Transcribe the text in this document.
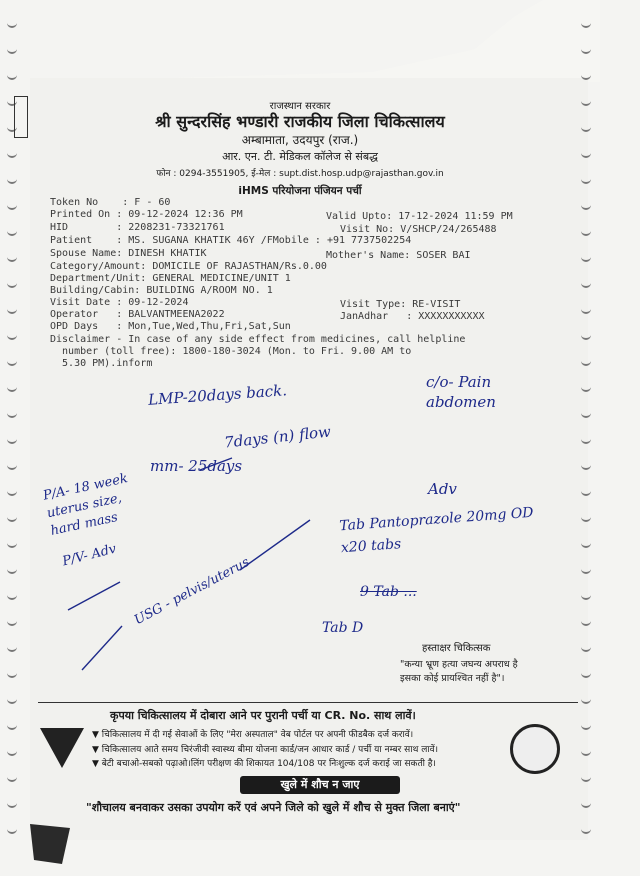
राजस्थान सरकार
श्री सुन्दरसिंह भण्डारी राजकीय जिला चिकित्सालय
अम्बामाता, उदयपुर (राज.)
आर. एन. टी. मेडिकल कॉलेज से संबद्ध
फोन : 0294-3551905, ई-मेल : supt.dist.hosp.udp@rajasthan.gov.in
iHMS परियोजना पंजियन पर्ची
Token No    : F - 60
Printed On : 09-12-2024 12:36 PM	Valid Upto: 17-12-2024 11:59 PM
HID        : 2208231-73321761	Visit No: V/SHCP/24/265488
Patient    : MS. SUGANA KHATIK 46Y /FMobile : +91 7737502254
Spouse Name: DINESH KHATIK	Mother's Name: SOSER BAI
Category/Amount: DOMICILE OF RAJASTHAN/Rs.0.00
Department/Unit: GENERAL MEDICINE/UNIT 1
Building/Cabin: BUILDING A/ROOM NO. 1
Visit Date : 09-12-2024	Visit Type: RE-VISIT
Operator   : BALVANTMEENA2022	JanAdhar   : XXXXXXXXXXX
OPD Days   : Mon,Tue,Wed,Thu,Fri,Sat,Sun
Disclaimer - In case of any side effect from medicines, call helpline
number (toll free): 1800-180-3024 (Mon. to Fri. 9.00 AM to
5.30 PM).inform
LMP-20days back.	c/o- Pain abdomen
7days (n) flow
mm- 25days
P/A- 18 week uterus size, hard mass
Adv
Tab Pantoprazole 20mg OD x20 tabs
P/V- Adv USG - pelvis/uterus	9 Tab ...
Tab D
हस्ताक्षर चिकित्सक
"कन्या भ्रूण हत्या जघन्य अपराध है
इसका कोई प्रायश्चित नहीं है"।
कृपया चिकित्सालय में दोबारा आने पर पुरानी पर्ची या CR. No. साथ लावें।
▼ चिकित्सालय में दी गई सेवाओं के लिए "मेरा अस्पताल" वेब पोर्टल पर अपनी फीडबैक दर्ज करावें।
▼ चिकित्सालय आते समय चिरंजीवी स्वास्थ्य बीमा योजना कार्ड/जन आधार कार्ड / पर्ची या नम्बर साथ लावें।
▼ बेटी बचाओ-सबको पढ़ाओ।लिंग परीक्षण की शिकायत 104/108 पर निःशुल्क दर्ज कराई जा सकती है।
खुले में शौच न जाए
"शौचालय बनवाकर उसका उपयोग करें एवं अपने जिले को खुले में शौच से मुक्त जिला बनाएं"
